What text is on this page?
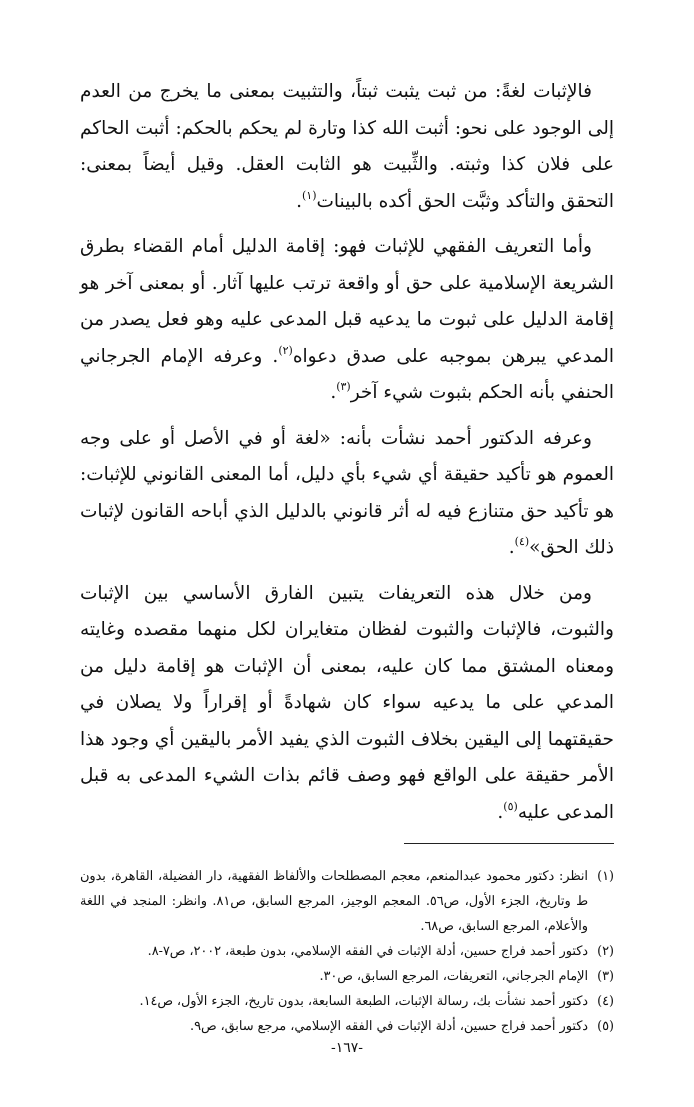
فالإثبات لغةً: من ثبت يثبت ثبتاً، والتثبيت بمعنى ما يخرج من العدم إلى الوجود على نحو: أثبت الله كذا وتارة لم يحكم بالحكم: أثبت الحاكم على فلان كذا وثبته. والثِّبيت هو الثابت العقل. وقيل أيضاً بمعنى: التحقق والتأكد وثبَّت الحق أكده بالبينات$^{(١)}$.

وأما التعريف الفقهي للإثبات فهو: إقامة الدليل أمام القضاء بطرق الشريعة الإسلامية على حق أو واقعة ترتب عليها آثار. أو بمعنى آخر هو إقامة الدليل على ثبوت ما يدعيه قبل المدعى عليه وهو فعل يصدر من المدعي يبرهن بموجبه على صدق دعواه$^{(٢)}$. وعرفه الإمام الجرجاني الحنفي بأنه الحكم بثبوت شيء آخر$^{(٣)}$.

وعرفه الدكتور أحمد نشأت بأنه: «لغة أو في الأصل أو على وجه العموم هو تأكيد حقيقة أي شيء بأي دليل، أما المعنى القانوني للإثبات: هو تأكيد حق متنازع فيه له أثر قانوني بالدليل الذي أباحه القانون لإثبات ذلك الحق»$^{(٤)}$.

ومن خلال هذه التعريفات يتبين الفارق الأساسي بين الإثبات والثبوت، فالإثبات والثبوت لفظان متغايران لكل منهما مقصده وغايته ومعناه المشتق مما كان عليه، بمعنى أن الإثبات هو إقامة دليل من المدعي على ما يدعيه سواء كان شهادةً أو إقراراً ولا يصلان في حقيقتهما إلى اليقين بخلاف الثبوت الذي يفيد الأمر باليقين أي وجود هذا الأمر حقيقة على الواقع فهو وصف قائم بذات الشيء المدعى به قبل المدعى عليه$^{(٥)}$.

(١)انظر: دكتور محمود عبدالمنعم، معجم المصطلحات والألفاظ الفقهية، دار الفضيلة، القاهرة، بدون ط وتاريخ، الجزء الأول، ص٥٦. المعجم الوجيز، المرجع السابق، ص٨١. وانظر: المنجد في اللغة والأعلام، المرجع السابق، ص٦٨.

(٢)دكتور أحمد فراج حسين، أدلة الإثبات في الفقه الإسلامي، بدون طبعة، ٢٠٠٢، ص٧-٨.

(٣)الإمام الجرجاني، التعريفات، المرجع السابق، ص٣٠.

(٤)دكتور أحمد نشأت بك، رسالة الإثبات، الطبعة السابعة، بدون تاريخ، الجزء الأول، ص١٤.

(٥)دكتور أحمد فراج حسين، أدلة الإثبات في الفقه الإسلامي، مرجع سابق، ص٩.

-١٦٧-
